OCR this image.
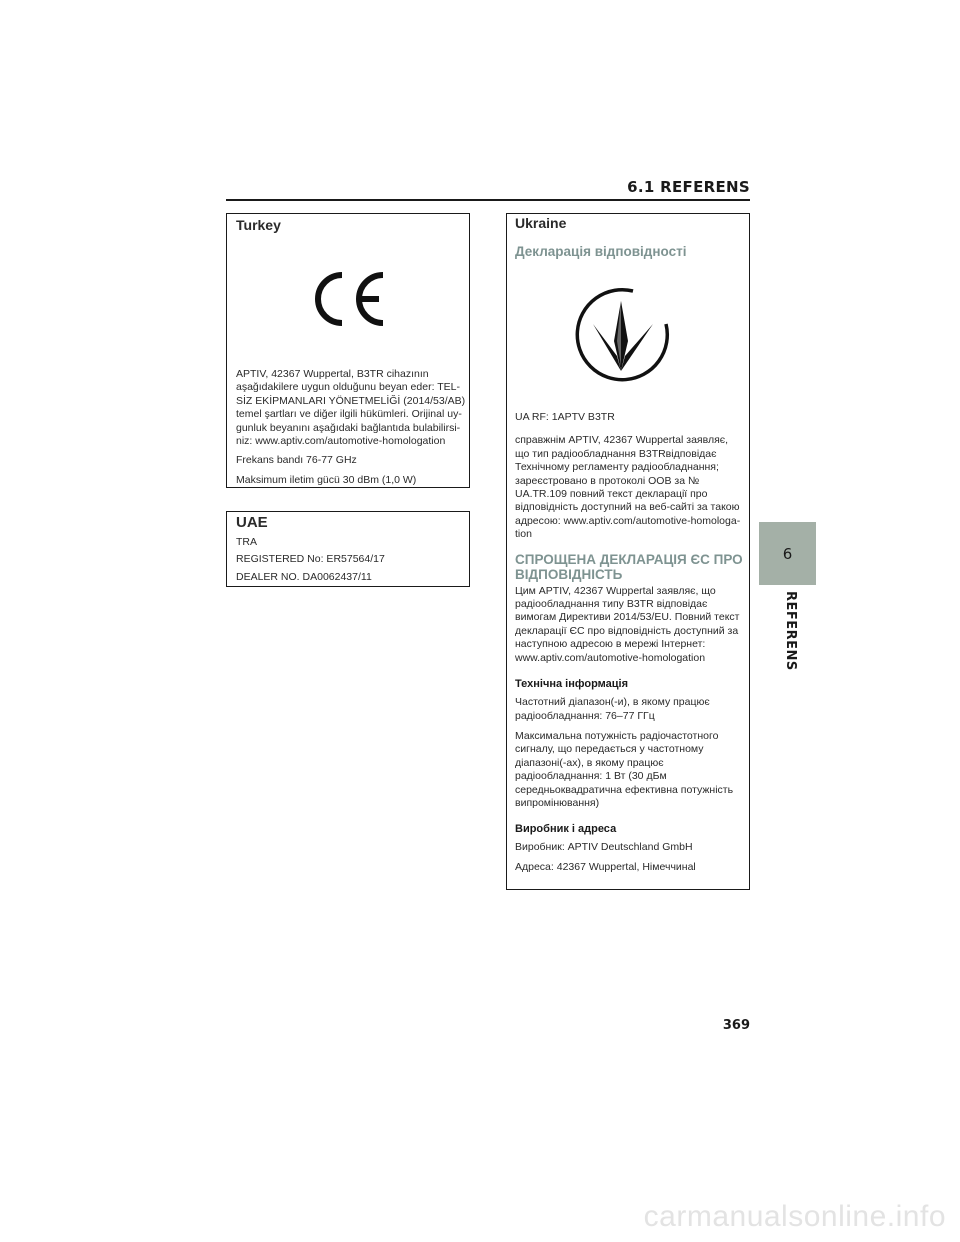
6.1 REFERENS
Turkey

APTIV, 42367 Wuppertal, B3TR cihazının

aşağıdakilere uygun olduğunu beyan eder: TEL-

SİZ EKİPMANLARI YÖNETMELİĞİ (2014/53/AB)

temel şartları ve diğer ilgili hükümleri. Orijinal uy-

gunluk beyanını aşağıdaki bağlantıda bulabilirsi-

niz: www.aptiv.com/automotive-homologation

Frekans bandı 76-77 GHz

Maksimum iletim gücü 30 dBm (1,0 W)

UAE

TRA

REGISTERED No: ER57564/17

DEALER NO. DA0062437/11

Ukraine
Декларація відповідності

UA RF: 1APTV B3TR

справжнім APTIV, 42367 Wuppertal заявляє,

що тип радіообладнання B3TRвідповідає

Технічному регламенту радіообладнання;

зареєстровано в протоколі ООВ за №

UA.TR.109 повний текст декларації про

відповідність доступний на веб-сайті за такою

адресою: www.aptiv.com/automotive-homologa-

tion

СПРОЩЕНА ДЕКЛАРАЦІЯ ЄС ПРО

ВІДПОВІДНІСТЬ

Цим APTIV, 42367 Wuppertal заявляє, що

радіообладнання типу B3TR відповідає

вимогам Директиви 2014/53/EU. Повний текст

декларації ЄС про відповідність доступний за

наступною адресою в мережі Інтернет:

www.aptiv.com/automotive-homologation

Технічна інформація

Частотний діапазон(-и), в якому працює

радіообладнання: 76–77 ГГц

Максимальна потужність радіочастотного

сигналу, що передається у частотному

діапазоні(-ах), в якому працює

радіообладнання: 1 Вт (30 дБм

середньоквадратична ефективна потужність

випромінювання)

Виробник і адреса

Виробник: APTIV Deutschland GmbH

Адреса: 42367 Wuppertal, Німеччинаl

6
REFERENS
369
carmanualsonline.info
